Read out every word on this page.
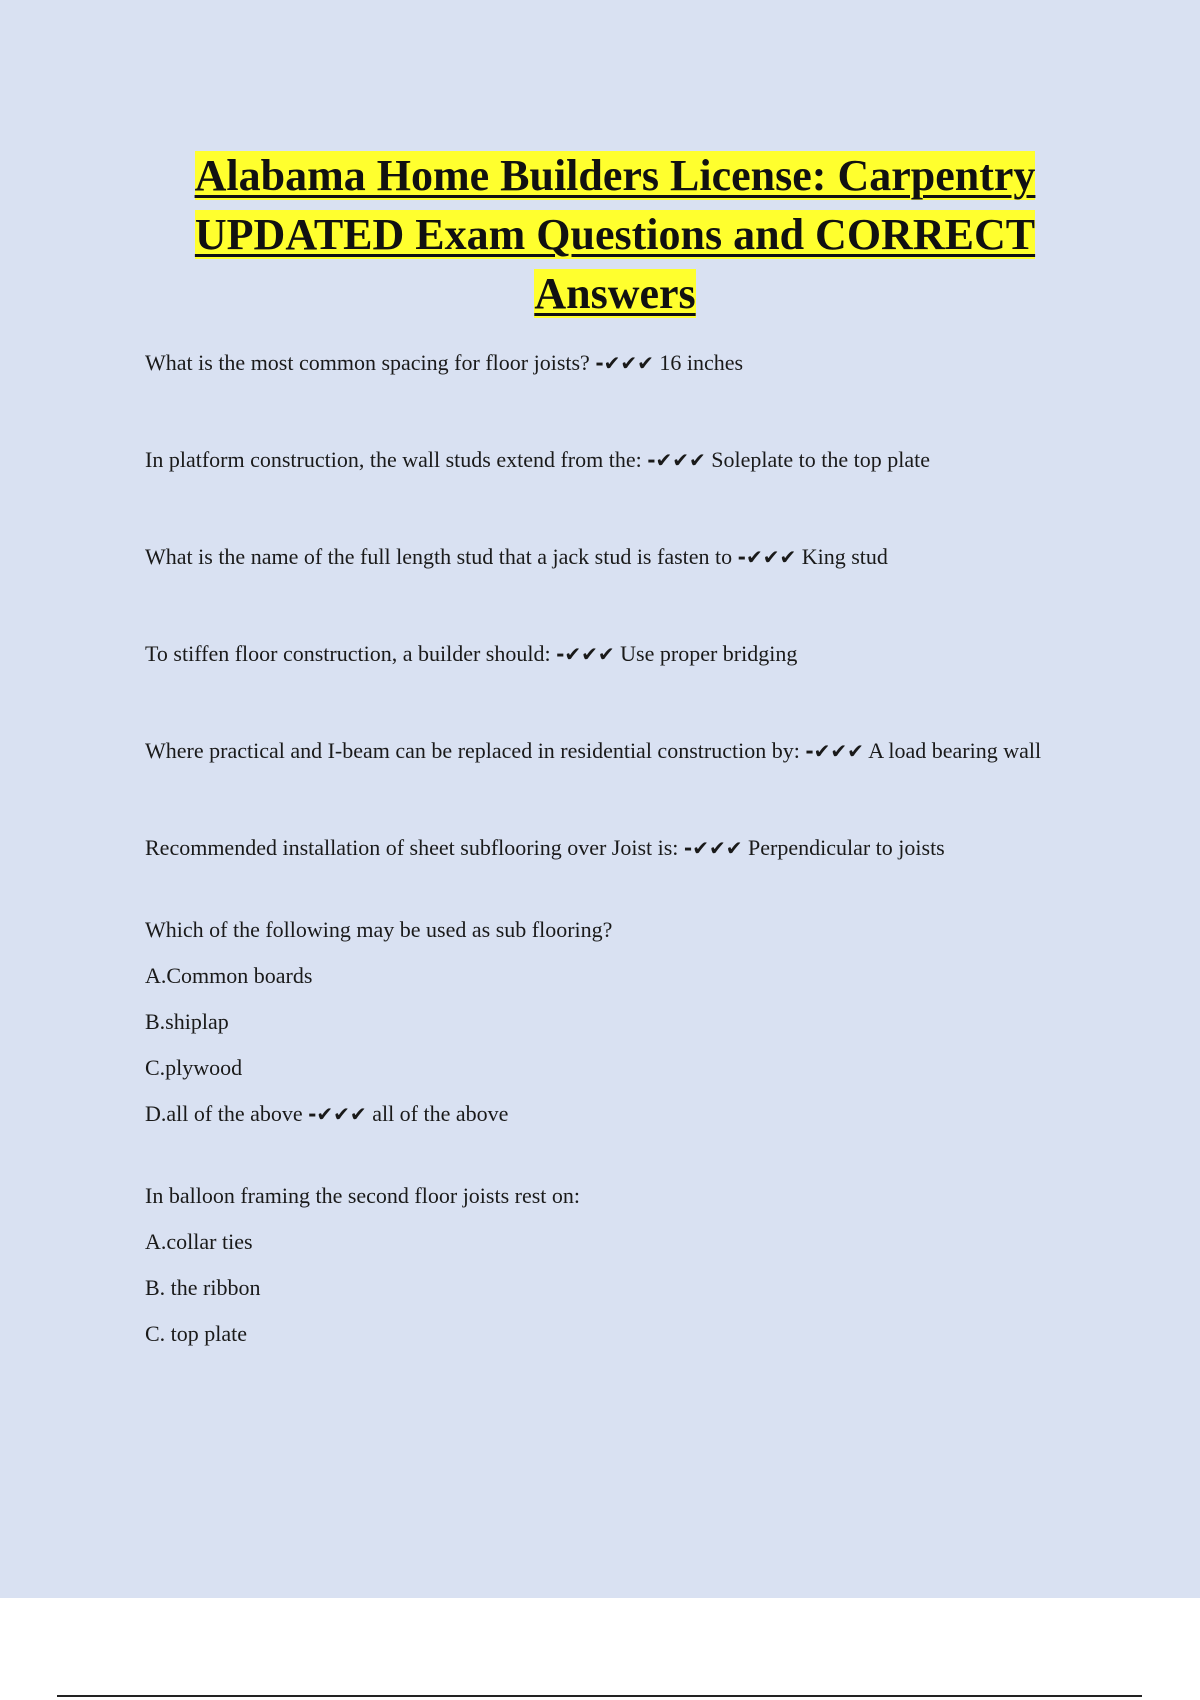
Alabama Home Builders License: Carpentry
UPDATED Exam Questions and CORRECT
Answers

What is the most common spacing for floor joists? -✔✔✔ 16 inches

In platform construction, the wall studs extend from the: -✔✔✔ Soleplate to the top plate

What is the name of the full length stud that a jack stud is fasten to -✔✔✔ King stud

To stiffen floor construction, a builder should: -✔✔✔ Use proper bridging

Where practical and I-beam can be replaced in residential construction by: -✔✔✔ A load bearing wall

Recommended installation of sheet subflooring over Joist is: -✔✔✔ Perpendicular to joists

Which of the following may be used as sub flooring?
A.Common boards
B.shiplap
C.plywood
D.all of the above -✔✔✔ all of the above
In balloon framing the second floor joists rest on:
A.collar ties
B. the ribbon
C. top plate
